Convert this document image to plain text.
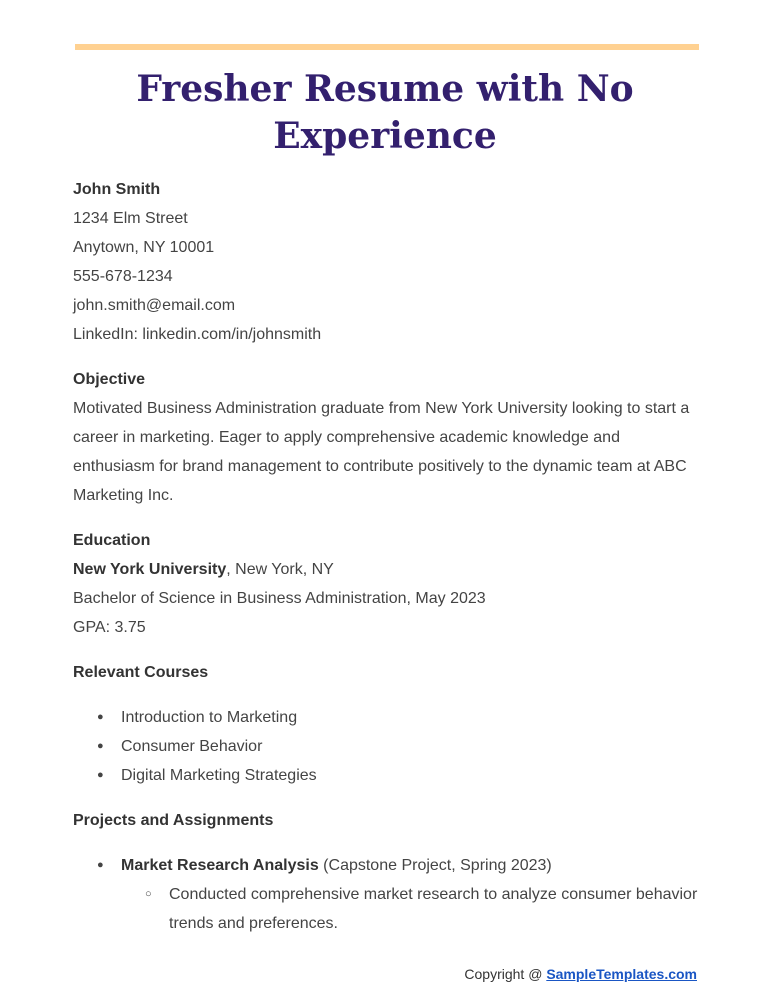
Fresher Resume with No Experience
John Smith
1234 Elm Street
Anytown, NY 10001
555-678-1234
john.smith@email.com
LinkedIn: linkedin.com/in/johnsmith
Objective

Motivated Business Administration graduate from New York University looking to start a career in marketing. Eager to apply comprehensive academic knowledge and enthusiasm for brand management to contribute positively to the dynamic team at ABC Marketing Inc.

Education
New York University, New York, NY
Bachelor of Science in Business Administration, May 2023
GPA: 3.75
Relevant Courses
● Introduction to Marketing
● Consumer Behavior
● Digital Marketing Strategies
Projects and Assignments
● Market Research Analysis (Capstone Project, Spring 2023)
○ Conducted comprehensive market research to analyze consumer behavior trends and preferences.
Copyright @ SampleTemplates.com
